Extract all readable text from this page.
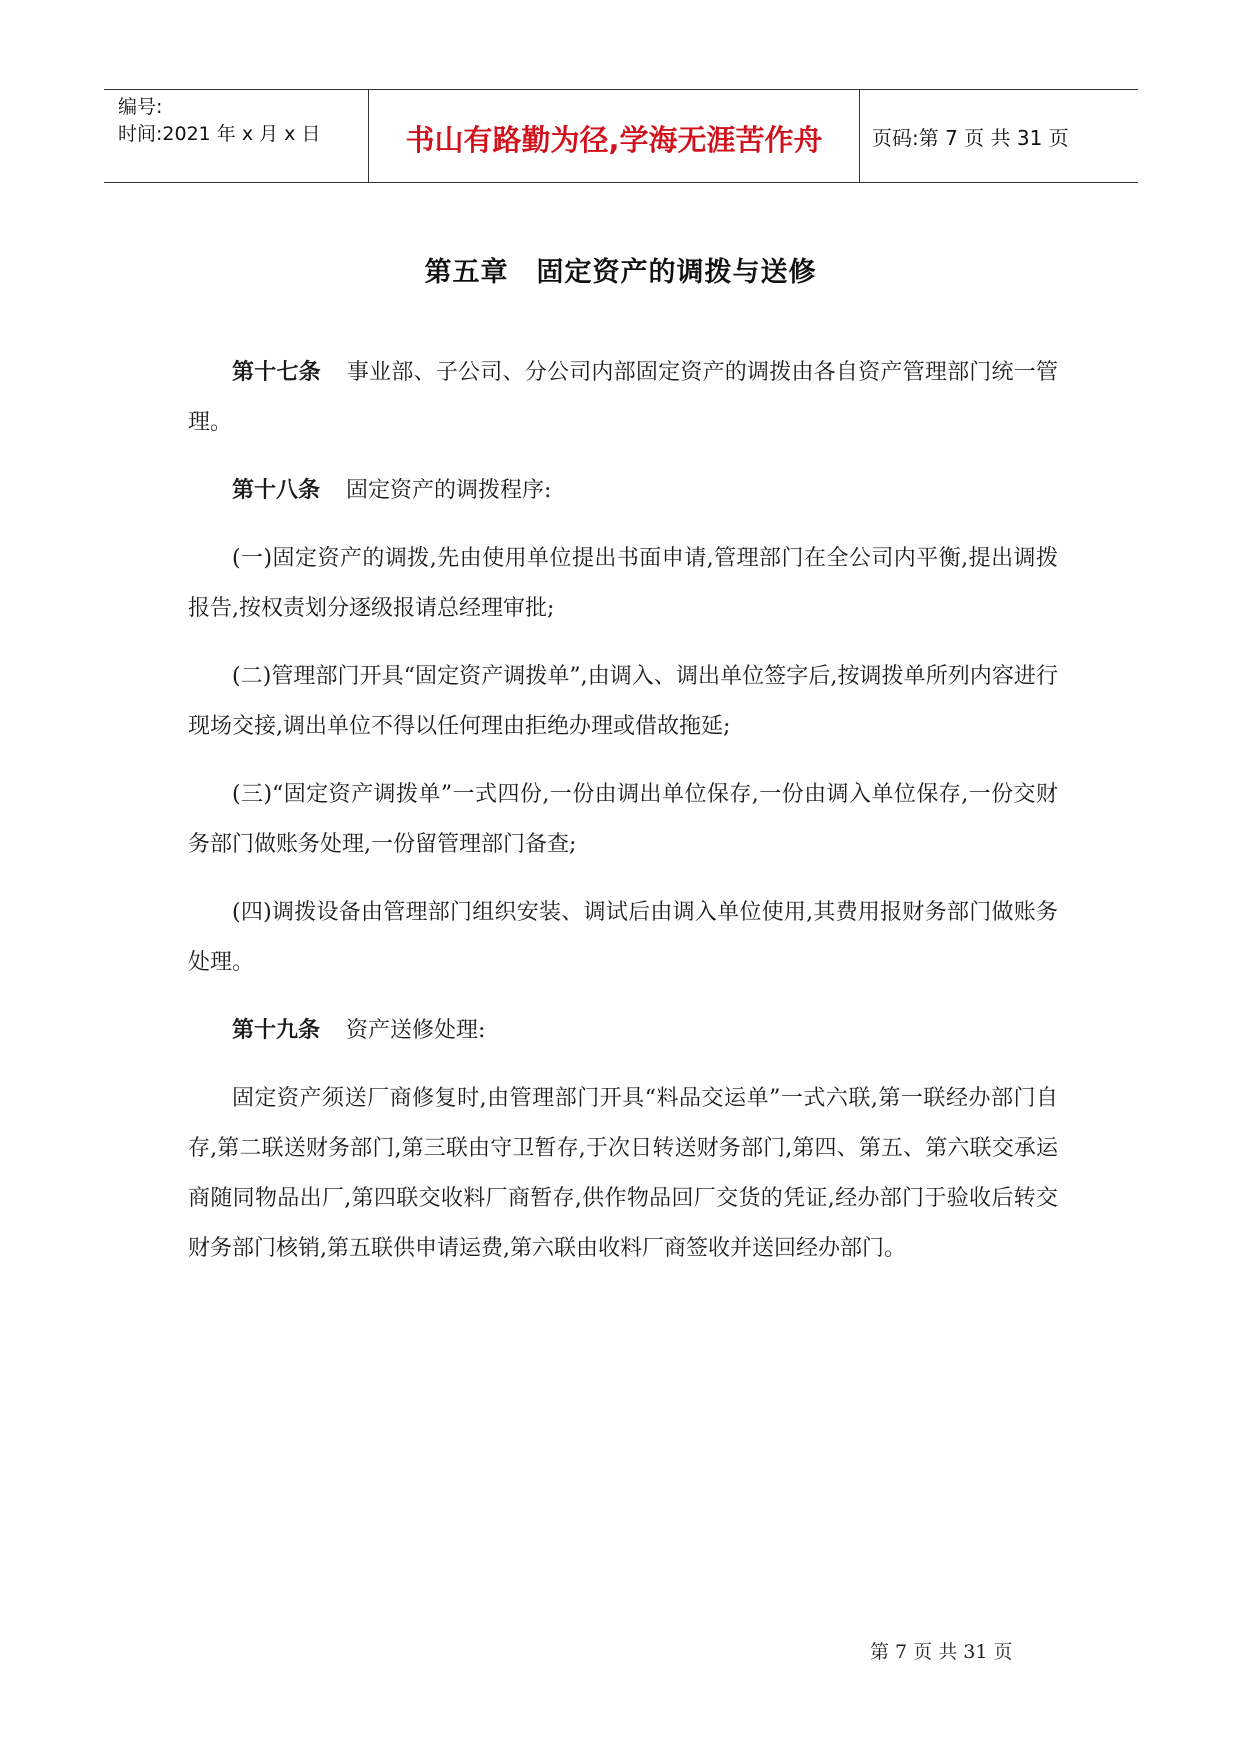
编号:
时间:2021 年 x 月 x 日	书山有路勤为径,学海无涯苦作舟	页码:第 7 页 共 31 页
第五章 固定资产的调拨与送修

第十七条 事业部、子公司、分公司内部固定资产的调拨由各自资产管理部门统一管理。

第十八条 固定资产的调拨程序:

(一)固定资产的调拨,先由使用单位提出书面申请,管理部门在全公司内平衡,提出调拨报告,按权责划分逐级报请总经理审批;

(二)管理部门开具“固定资产调拨单”,由调入、调出单位签字后,按调拨单所列内容进行现场交接,调出单位不得以任何理由拒绝办理或借故拖延;

(三)“固定资产调拨单”一式四份,一份由调出单位保存,一份由调入单位保存,一份交财务部门做账务处理,一份留管理部门备查;

(四)调拨设备由管理部门组织安装、调试后由调入单位使用,其费用报财务部门做账务处理。

第十九条 资产送修处理:

固定资产须送厂商修复时,由管理部门开具“料品交运单”一式六联,第一联经办部门自存,第二联送财务部门,第三联由守卫暂存,于次日转送财务部门,第四、第五、第六联交承运商随同物品出厂,第四联交收料厂商暂存,供作物品回厂交货的凭证,经办部门于验收后转交财务部门核销,第五联供申请运费,第六联由收料厂商签收并送回经办部门。

第 7 页 共 31 页
